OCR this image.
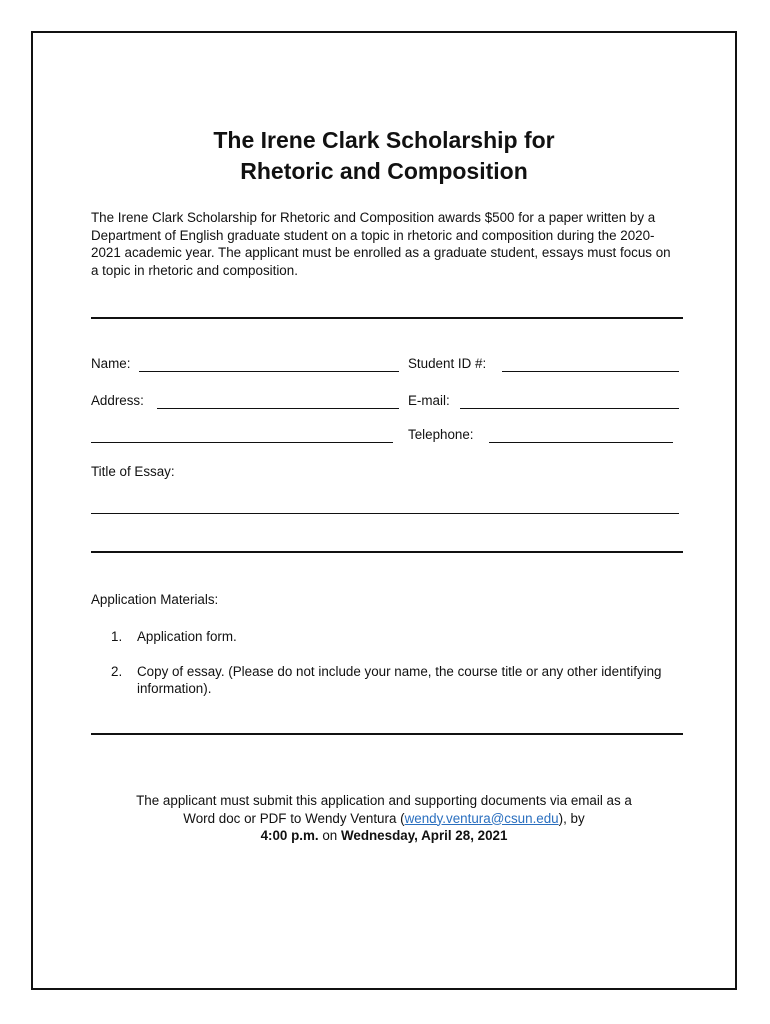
The Irene Clark Scholarship for
Rhetoric and Composition
The Irene Clark Scholarship for Rhetoric and Composition awards $500 for a paper written by a Department of English graduate student on a topic in rhetoric and composition during the 2020-2021 academic year. The applicant must be enrolled as a graduate student, essays must focus on a topic in rhetoric and composition.
Name:	Student ID #:
Address:	E-mail:
Telephone:
Title of Essay:
Application Materials:
1.	Application form.
2.	Copy of essay. (Please do not include your name, the course title or any other identifying information).
The applicant must submit this application and supporting documents via email as a
Word doc or PDF to Wendy Ventura (wendy.ventura@csun.edu), by
4:00 p.m. on Wednesday, April 28, 2021
